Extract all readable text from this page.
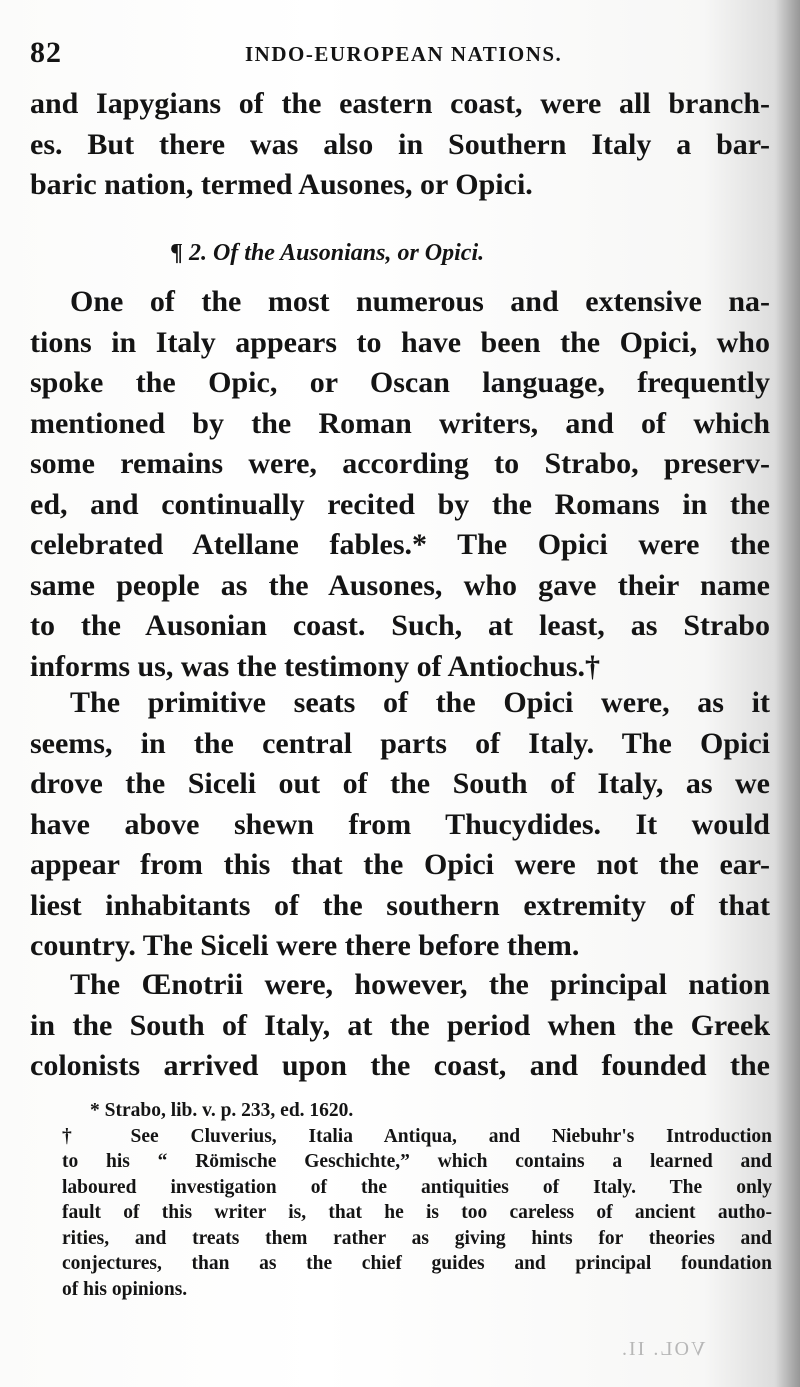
82	INDO-EUROPEAN NATIONS.
and Iapygians of the eastern coast, were all branch-
es. But there was also in Southern Italy a bar-
baric nation, termed Ausones, or Opici.
¶ 2. Of the Ausonians, or Opici.
One of the most numerous and extensive na-
tions in Italy appears to have been the Opici, who
spoke the Opic, or Oscan language, frequently
mentioned by the Roman writers, and of which
some remains were, according to Strabo, preserv-
ed, and continually recited by the Romans in the
celebrated Atellane fables.* The Opici were the
same people as the Ausones, who gave their name
to the Ausonian coast. Such, at least, as Strabo
informs us, was the testimony of Antiochus.†
The primitive seats of the Opici were, as it
seems, in the central parts of Italy. The Opici
drove the Siceli out of the South of Italy, as we
have above shewn from Thucydides. It would
appear from this that the Opici were not the ear-
liest inhabitants of the southern extremity of that
country. The Siceli were there before them.
The Œnotrii were, however, the principal nation
in the South of Italy, at the period when the Greek
colonists arrived upon the coast, and founded the
* Strabo, lib. v. p. 233, ed. 1620.
† See Cluverius, Italia Antiqua, and Niebuhr's Introduction
to his “ Römische Geschichte,” which contains a learned and
laboured investigation of the antiquities of Italy. The only
fault of this writer is, that he is too careless of ancient autho-
rities, and treats them rather as giving hints for theories and
conjectures, than as the chief guides and principal foundation
of his opinions.
VOL. II.
